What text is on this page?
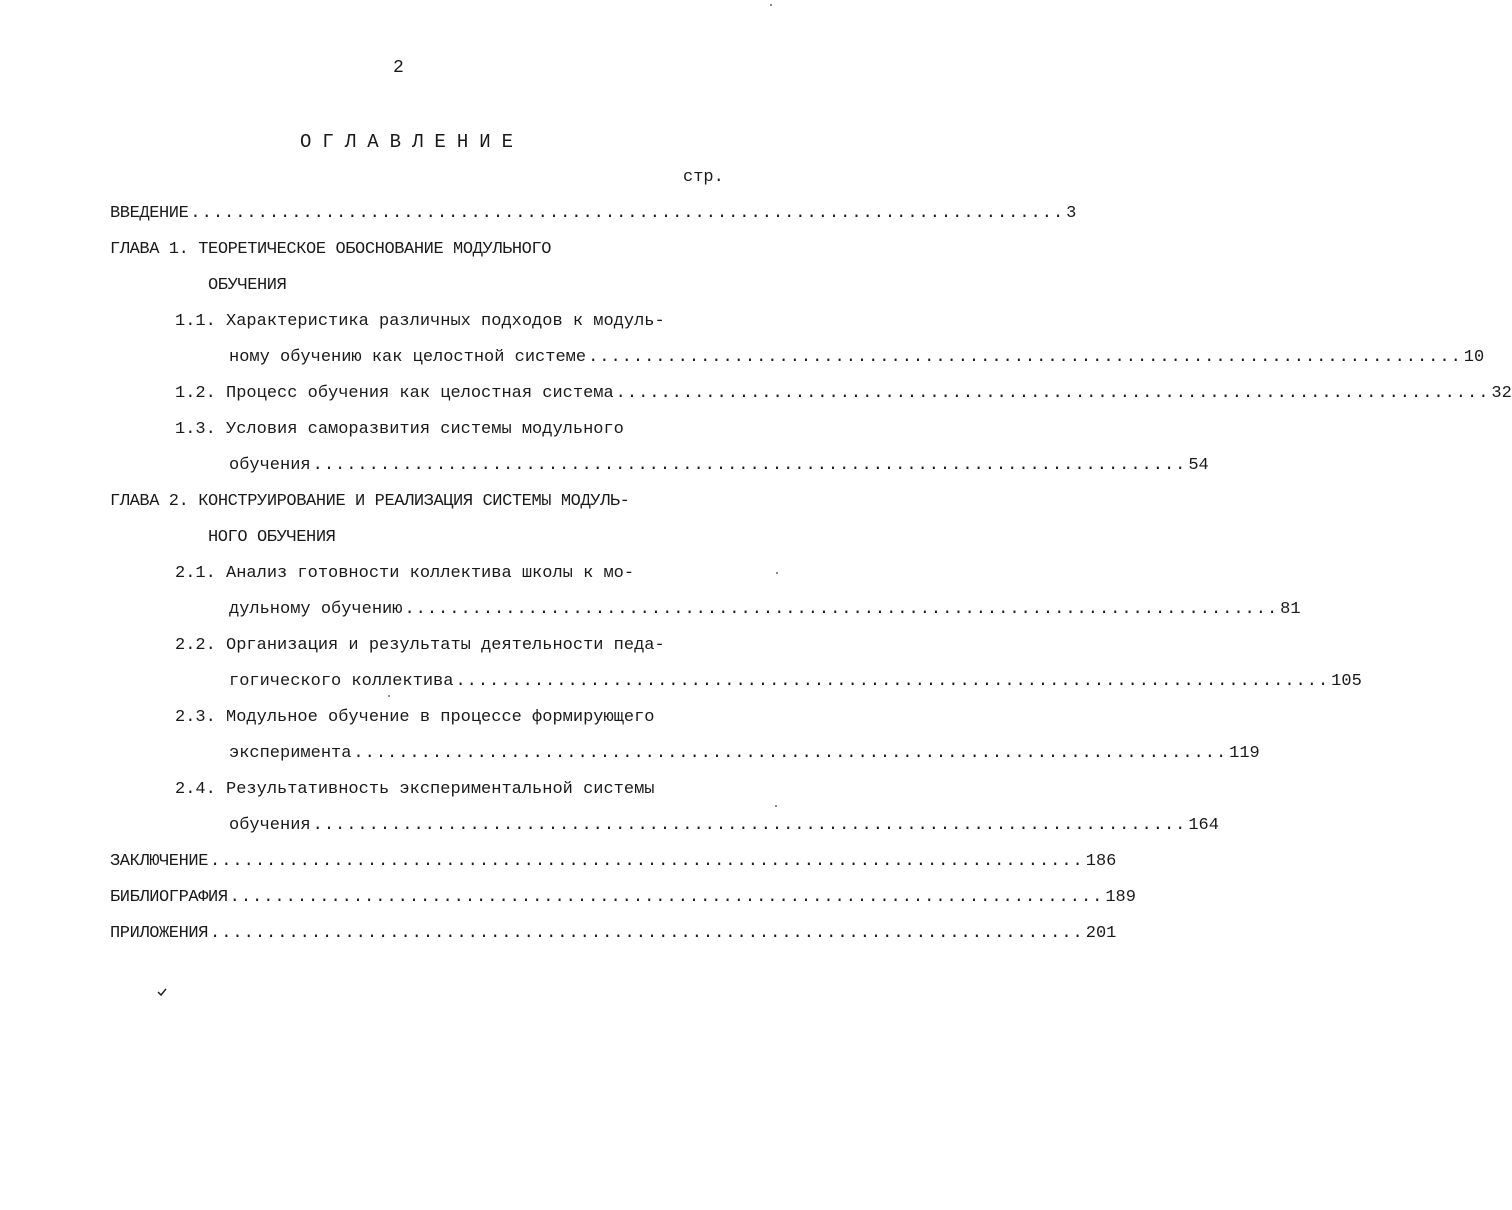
2
ОГЛАВЛЕНИЕ
стр.
ВВЕДЕНИЕ .............................................................................. 3
ГЛАВА 1. ТЕОРЕТИЧЕСКОЕ ОБОСНОВАНИЕ МОДУЛЬНОГО
ОБУЧЕНИЯ
1.1. Характеристика различных подходов к модуль-
ному обучению как целостной системе .............................................................................. 10
1.2. Процесс обучения как целостная система .............................................................................. 32
1.3. Условия саморазвития системы модульного
обучения .............................................................................. 54
ГЛАВА 2. КОНСТРУИРОВАНИЕ И РЕАЛИЗАЦИЯ СИСТЕМЫ МОДУЛЬ-
НОГО ОБУЧЕНИЯ
2.1. Анализ готовности коллектива школы к мо-
дульному обучению .............................................................................. 81
2.2. Организация и результаты деятельности педа-
гогического коллектива .............................................................................. 105
2.3. Модульное обучение в процессе формирующего
эксперимента .............................................................................. 119
2.4. Результативность экспериментальной системы
обучения .............................................................................. 164
ЗАКЛЮЧЕНИЕ .............................................................................. 186
БИБЛИОГРАФИЯ .............................................................................. 189
ПРИЛОЖЕНИЯ .............................................................................. 201
